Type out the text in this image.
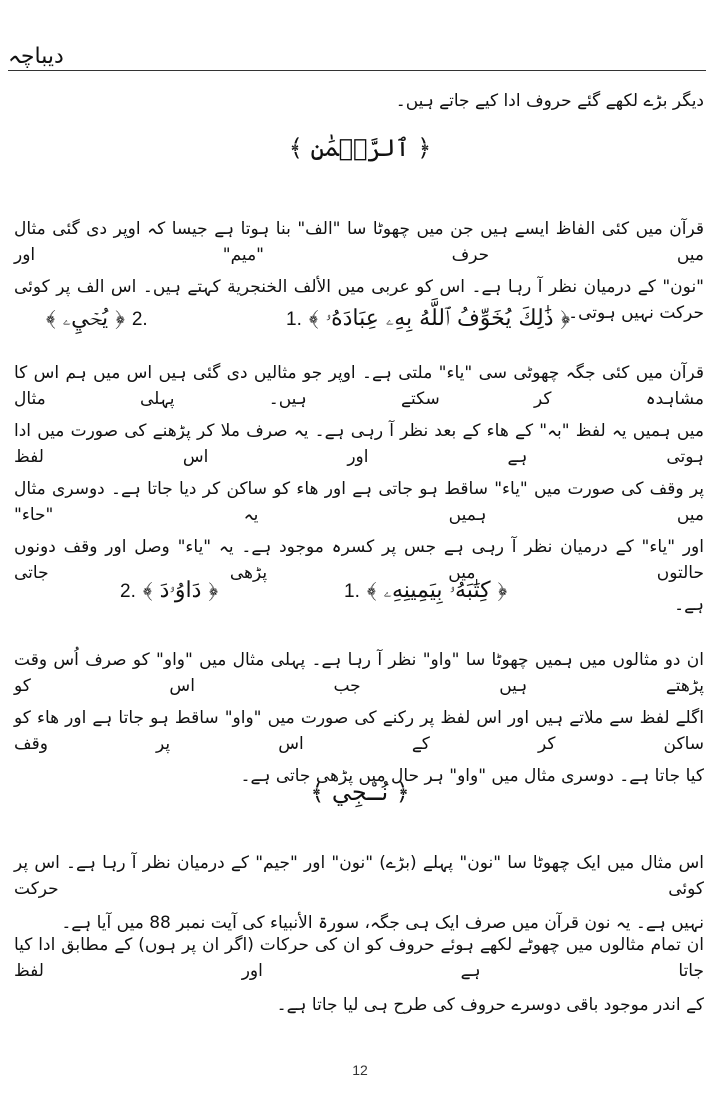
دیباچہ
دیگر بڑے لکھے گئے حروف ادا کیے جاتے ہیں۔
﴿ ٱلرَّحۡمَٰنِ ﴾
قرآن میں کئی الفاظ ایسے ہیں جن میں چھوٹا سا "الف" بنا ہوتا ہے جیسا کہ اوپر دی گئی مثال میں حرف "میم" اور
"نون" کے درمیان نظر آ رہا ہے۔ اس کو عربی میں الألف الخنجرية کہتے ہیں۔ اس الف پر کوئی حرکت نہیں ہوتی۔
1. ﴿ ذَٰلِكَ يُخَوِّفُ ٱللَّهُ بِهِۦ عِبَادَهُۥ ﴾
﴿ يُحۡيِۦ ﴾ 2.
قرآن میں کئی جگہ چھوٹی سی "یاء" ملتی ہے۔ اوپر جو مثالیں دی گئی ہیں اس میں ہم اس کا مشاہدہ کر سکتے ہیں۔ پہلی مثال
میں ہمیں یہ لفظ "بہ" کے ھاء کے بعد نظر آ رہی ہے۔ یہ صرف ملا کر پڑھنے کی صورت میں ادا ہوتی ہے اور اس لفظ
پر وقف کی صورت میں "یاء" ساقط ہو جاتی ہے اور ھاء کو ساکن کر دیا جاتا ہے۔ دوسری مثال میں ہمیں یہ "حاء"
اور "یاء" کے درمیان نظر آ رہی ہے جس پر کسرہ موجود ہے۔ یہ "یاء" وصل اور وقف دونوں حالتوں میں پڑھی جاتی
ہے۔
1. ﴿ كِتَٰبَهُۥ بِيَمِينِهِۦ ﴾
2. ﴿ دَاوُۥدَ ﴾
ان دو مثالوں میں ہمیں چھوٹا سا "واو" نظر آ رہا ہے۔ پہلی مثال میں "واو" کو صرف اُس وقت پڑھتے ہیں جب اس کو
اگلے لفظ سے ملاتے ہیں اور اس لفظ پر رکنے کی صورت میں "واو" ساقط ہو جاتا ہے اور ھاء کو ساکن کر کے اس پر وقف
کیا جاتا ہے۔ دوسری مثال میں "واو" ہر حال میں پڑھی جاتی ہے۔
﴿ نُـۨجِي ﴾
اس مثال میں ایک چھوٹا سا "نون" پہلے (بڑے) "نون" اور "جیم" کے درمیان نظر آ رہا ہے۔ اس پر کوئی حرکت
نہیں ہے۔ یہ نون قرآن میں صرف ایک ہی جگہ، سورۃ الأنبیاء کی آیت نمبر 88 میں آیا ہے۔
ان تمام مثالوں میں چھوٹے لکھے ہوئے حروف کو ان کی حرکات (اگر ان پر ہوں) کے مطابق ادا کیا جاتا ہے اور لفظ
کے اندر موجود باقی دوسرے حروف کی طرح ہی لیا جاتا ہے۔
12
